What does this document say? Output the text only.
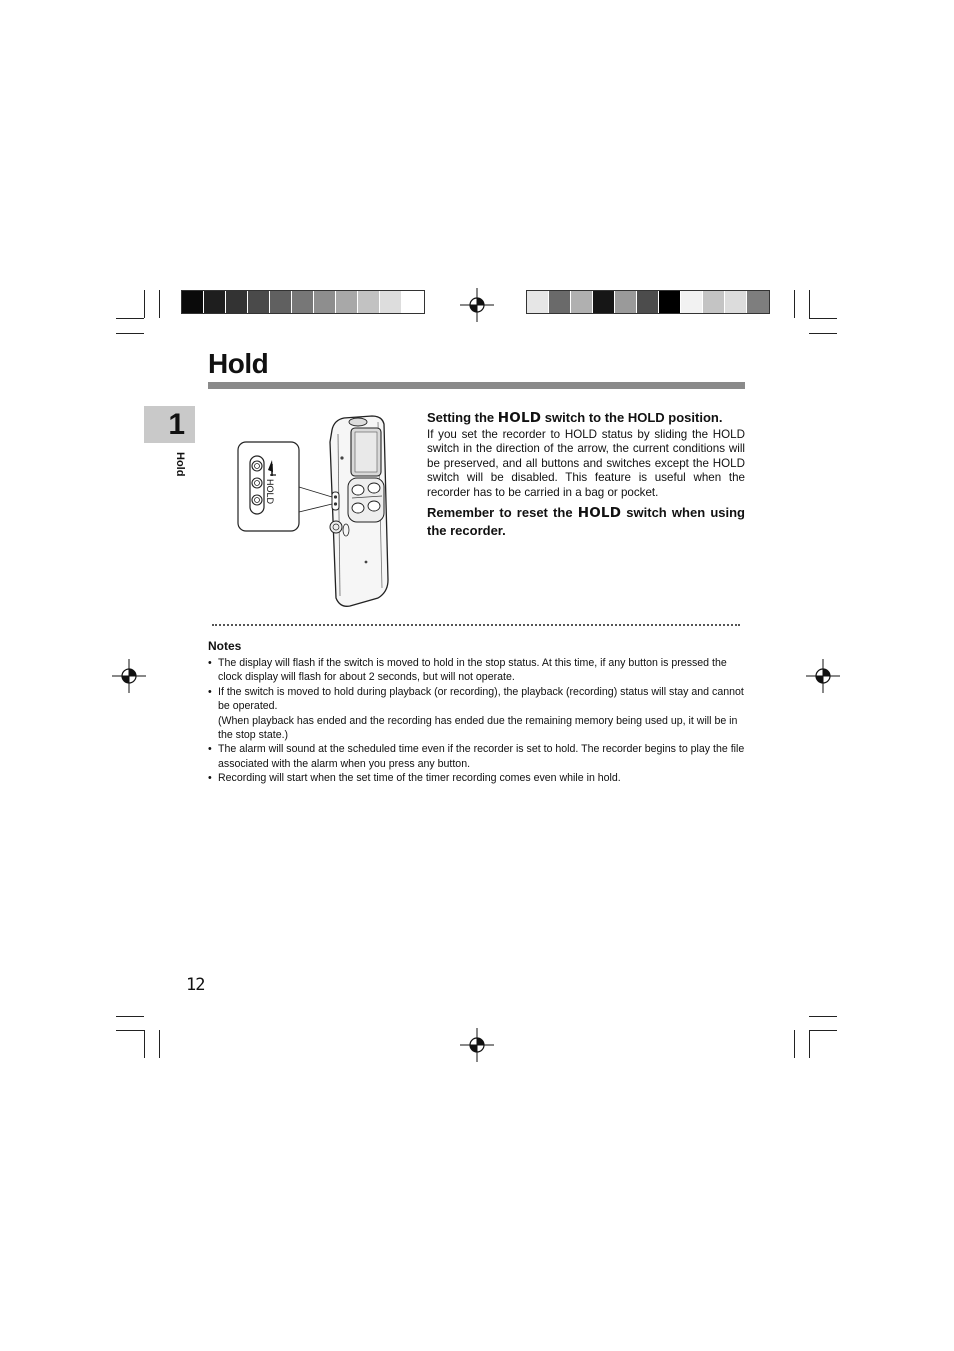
Hold
1
Hold
HOLD
Setting the HOLD switch to the HOLD position.

If you set the recorder to HOLD status by sliding the HOLD switch in the direction of the arrow, the current conditions will be preserved, and all buttons and switches except the HOLD switch will be disabled. This feature is useful when the recorder has to be carried in a bag or pocket.

Remember to reset the HOLD switch when using the recorder.

Notes
• The display will flash if the switch is moved to hold in the stop status. At this time, if any button is pressed the clock display will flash for about 2 seconds, but will not operate.
• If the switch is moved to hold during playback (or recording), the playback (recording) status will stay and cannot be operated.
(When playback has ended and the recording has ended due the remaining memory being used up, it will be in the stop state.)
• The alarm will sound at the scheduled time even if the recorder is set to hold. The recorder begins to play the file associated with the alarm when you press any button.
• Recording will start when the set time of the timer recording comes even while in hold.
12
